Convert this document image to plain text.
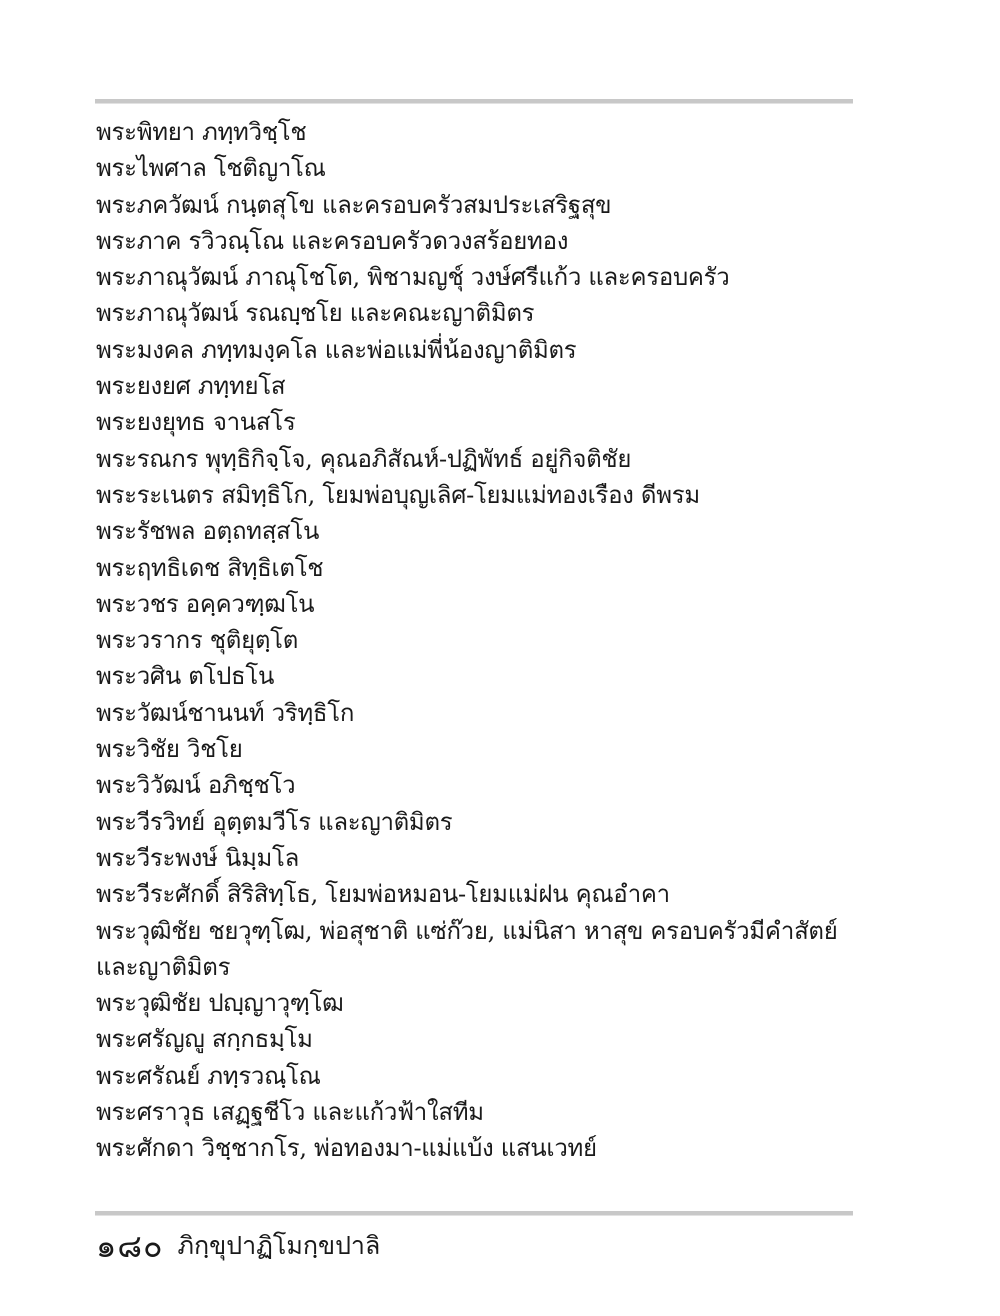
พระพิทยา ภทฺทวิชฺโช
พระไพศาล โชติญาโณ
พระภควัฒน์ กนฺตสุโข และครอบครัวสมประเสริฐสุข
พระภาค รวิวณฺโณ และครอบครัวดวงสร้อยทอง
พระภาณุวัฒน์ ภาณุโชโต, พิชามญชุ์ วงษ์ศรีแก้ว และครอบครัว
พระภาณุวัฒน์ รณญฺชโย และคณะญาติมิตร
พระมงคล ภทฺทมงฺคโล และพ่อแม่พี่น้องญาติมิตร
พระยงยศ ภทฺทยโส
พระยงยุทธ จานสโร
พระรณกร พุทฺธิกิจฺโจ, คุณอภิสัณห์-ปฏิพัทธ์ อยู่กิจติชัย
พระระเนตร สมิทฺธิโก, โยมพ่อบุญเลิศ-โยมแม่ทองเรือง ดีพรม
พระรัชพล อตฺถทสฺสโน
พระฤทธิเดช สิทฺธิเตโช
พระวชร อคฺควฑฺฒโน
พระวรากร ชุติยุตฺโต
พระวศิน ตโปธโน
พระวัฒน์ชานนท์ วริทฺธิโก
พระวิชัย วิชโย
พระวิวัฒน์ อภิชฺชโว
พระวีรวิทย์ อุตฺตมวีโร และญาติมิตร
พระวีระพงษ์ นิมฺมโล
พระวีระศักดิ์ สิริสิทฺโธ, โยมพ่อหมอน-โยมแม่ฝน คุณอำคา
พระวุฒิชัย ชยวุฑฺโฒ, พ่อสุชาติ แซ่ก๊วย, แม่นิสา หาสุข ครอบครัวมีคำสัตย์
และญาติมิตร
พระวุฒิชัย ปญฺญาวุฑฺโฒ
พระศรัญญู สกฺกธมฺโม
พระศรัณย์ ภทฺรวณฺโณ
พระศราวุธ เสฏฺฐชีโว และแก้วฟ้าใสทีม
พระศักดา วิชฺชากโร, พ่อทองมา-แม่แบ้ง แสนเวทย์
๑๘๐ ภิกฺขุปาฏิโมกฺขปาลิ
